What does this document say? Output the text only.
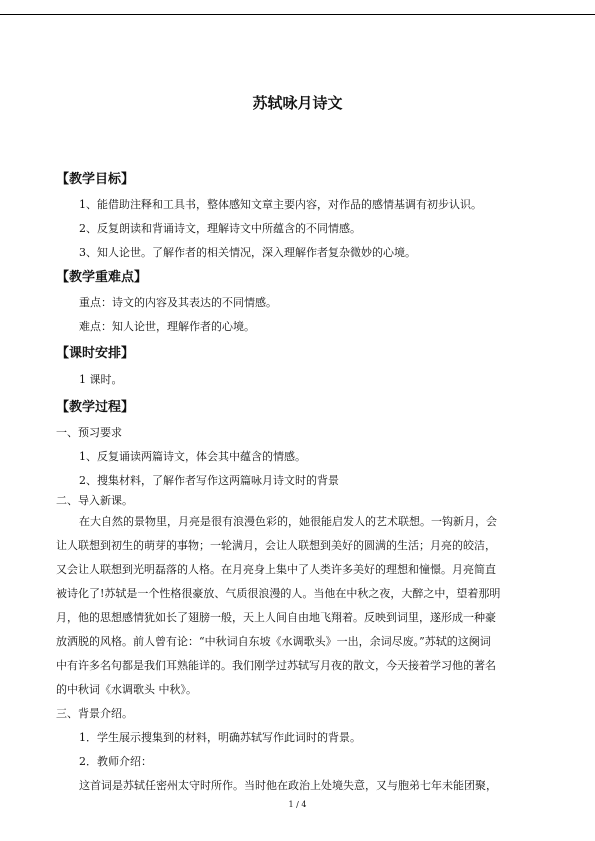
苏轼咏月诗文
【教学目标】
1、能借助注释和工具书，整体感知文章主要内容，对作品的感情基调有初步认识。
2、反复朗读和背诵诗文，理解诗文中所蕴含的不同情感。
3、知人论世。了解作者的相关情况，深入理解作者复杂微妙的心境。
【教学重难点】
重点：诗文的内容及其表达的不同情感。
难点：知人论世，理解作者的心境。
【课时安排】
1 课时。
【教学过程】
一、预习要求
1、反复诵读两篇诗文，体会其中蕴含的情感。
2、搜集材料，了解作者写作这两篇咏月诗文时的背景
二、导入新课。
在大自然的景物里，月亮是很有浪漫色彩的，她很能启发人的艺术联想。一钩新月，会
让人联想到初生的萌芽的事物；一轮满月，会让人联想到美好的圆满的生活；月亮的皎洁，
又会让人联想到光明磊落的人格。在月亮身上集中了人类许多美好的理想和憧憬。月亮简直
被诗化了!苏轼是一个性格很豪放、气质很浪漫的人。当他在中秋之夜，大醉之中，望着那明
月，他的思想感情犹如长了翅膀一般，天上人间自由地飞翔着。反映到词里，遂形成一种豪
放洒脱的风格。前人曾有论：“中秋词自东坡《水调歌头》一出，余词尽废。”苏轼的这阕词
中有许多名句都是我们耳熟能详的。我们刚学过苏轼写月夜的散文，今天接着学习他的著名
的中秋词《水调歌头 中秋》。
三、背景介绍。
1．学生展示搜集到的材料，明确苏轼写作此词时的背景。
2．教师介绍：
这首词是苏轼任密州太守时所作。当时他在政治上处境失意，又与胞弟七年未能团聚，
1 / 4
